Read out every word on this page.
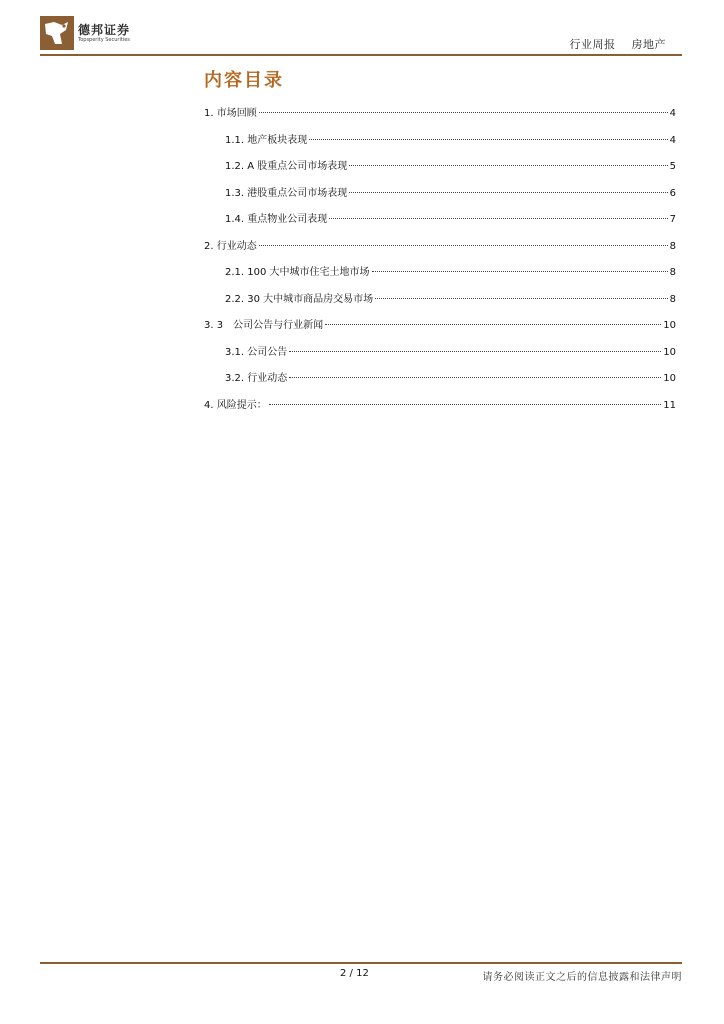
德邦证券
Topsperity Securities	行业周报 房地产
内容目录
1. 市场回顾	4
1.1. 地产板块表现	4
1.2. A 股重点公司市场表现	5
1.3. 港股重点公司市场表现	6
1.4. 重点物业公司表现	7
2. 行业动态	8
2.1. 100 大中城市住宅土地市场	8
2.2. 30 大中城市商品房交易市场	8
3. 3　公司公告与行业新闻	10
3.1. 公司公告	10
3.2. 行业动态	10
4. 风险提示：	11
2 / 12	请务必阅读正文之后的信息披露和法律声明
